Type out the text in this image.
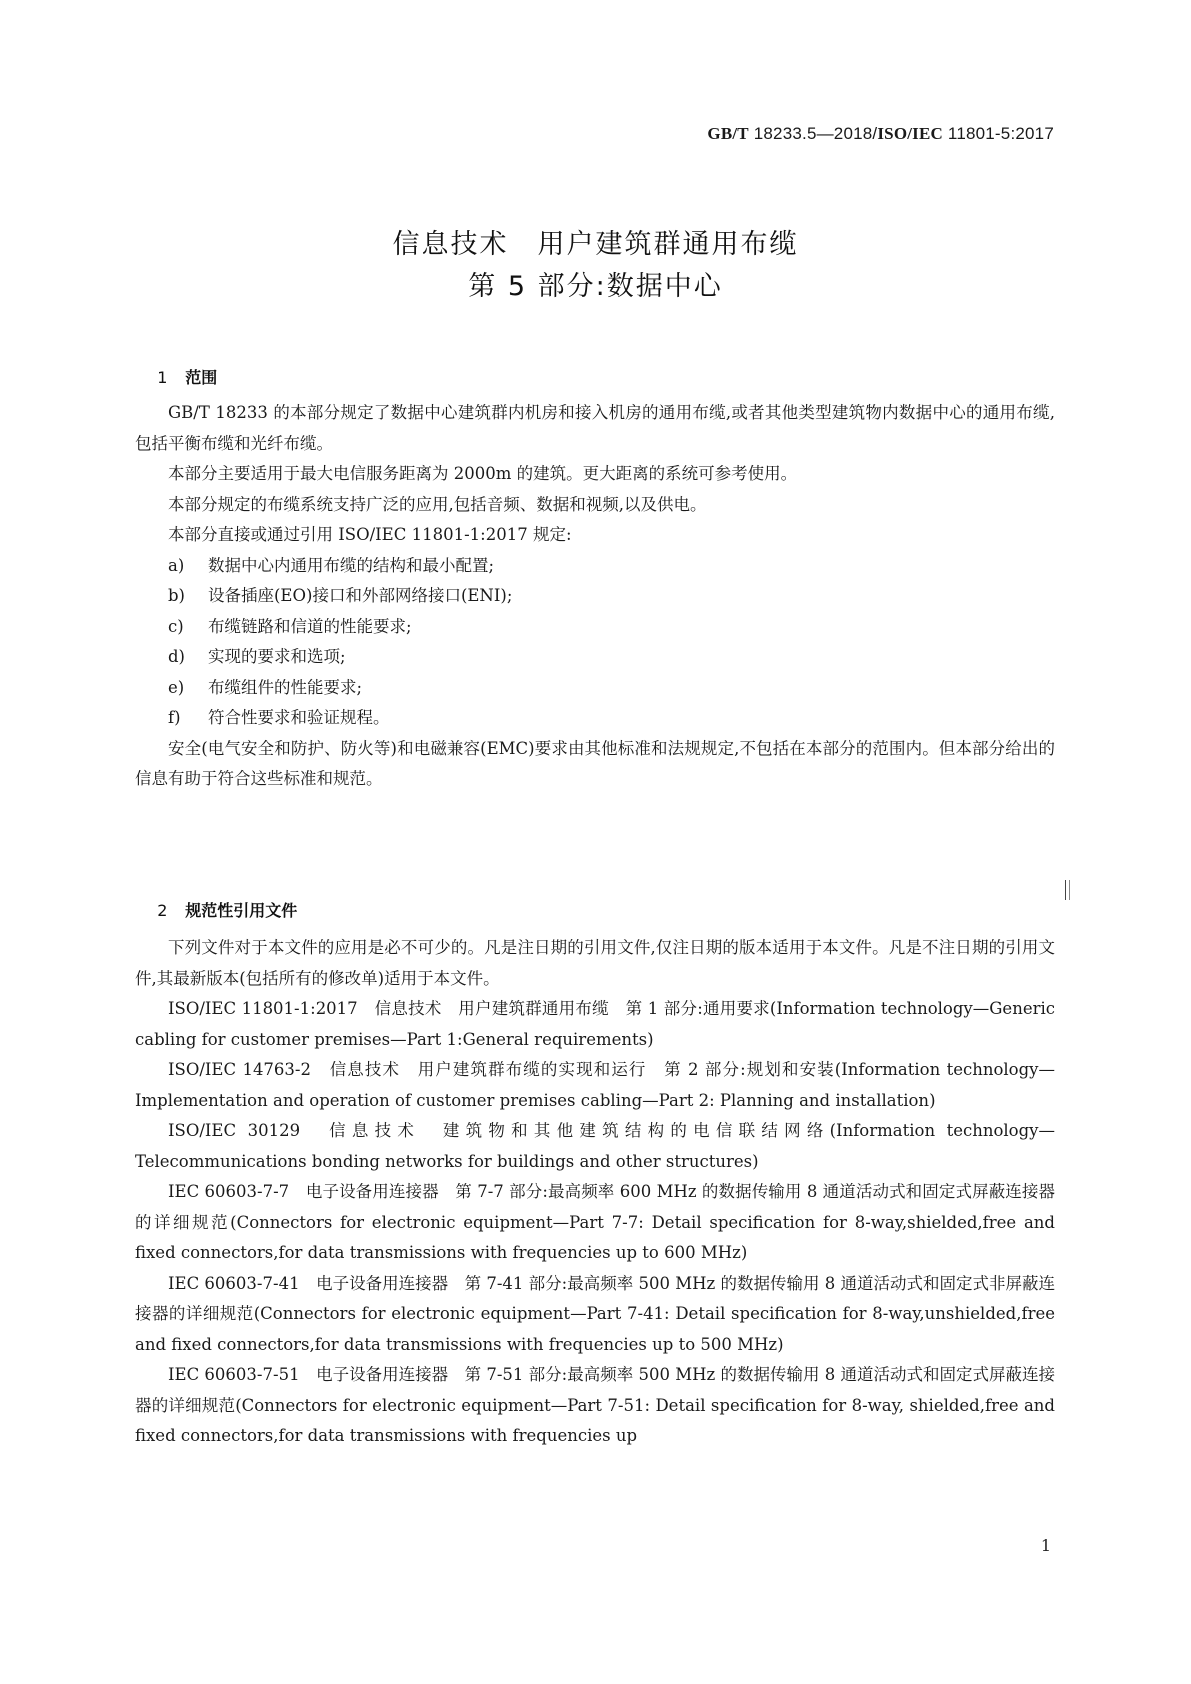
GB/T 18233.5—2018/ISO/IEC 11801-5:2017
信息技术　用户建筑群通用布缆
第 5 部分:数据中心

1 范围

GB/T 18233 的本部分规定了数据中心建筑群内机房和接入机房的通用布缆,或者其他类型建筑物内数据中心的通用布缆,包括平衡布缆和光纤布缆。

本部分主要适用于最大电信服务距离为 2000m 的建筑。更大距离的系统可参考使用。

本部分规定的布缆系统支持广泛的应用,包括音频、数据和视频,以及供电。

本部分直接或通过引用 ISO/IEC 11801-1:2017 规定:

a) 数据中心内通用布缆的结构和最小配置;

b) 设备插座(EO)接口和外部网络接口(ENI);

c) 布缆链路和信道的性能要求;

d) 实现的要求和选项;

e) 布缆组件的性能要求;

f) 符合性要求和验证规程。

安全(电气安全和防护、防火等)和电磁兼容(EMC)要求由其他标准和法规规定,不包括在本部分的范围内。但本部分给出的信息有助于符合这些标准和规范。

2 规范性引用文件

下列文件对于本文件的应用是必不可少的。凡是注日期的引用文件,仅注日期的版本适用于本文件。凡是不注日期的引用文件,其最新版本(包括所有的修改单)适用于本文件。

ISO/IEC 11801-1:2017　信息技术　用户建筑群通用布缆　第 1 部分:通用要求(Information technology—Generic cabling for customer premises—Part 1:General requirements)

ISO/IEC 14763-2　信息技术　用户建筑群布缆的实现和运行　第 2 部分:规划和安装(Information technology—Implementation and operation of customer premises cabling—Part 2: Planning and installation)

ISO/IEC 30129　信息技术　建筑物和其他建筑结构的电信联结网络(Information technology—Telecommunications bonding networks for buildings and other structures)

IEC 60603-7-7　电子设备用连接器　第 7-7 部分:最高频率 600 MHz 的数据传输用 8 通道活动式和固定式屏蔽连接器的详细规范(Connectors for electronic equipment—Part 7-7: Detail specification for 8-way,shielded,free and fixed connectors,for data transmissions with frequencies up to 600 MHz)

IEC 60603-7-41　电子设备用连接器　第 7-41 部分:最高频率 500 MHz 的数据传输用 8 通道活动式和固定式非屏蔽连接器的详细规范(Connectors for electronic equipment—Part 7-41: Detail specification for 8-way,unshielded,free and fixed connectors,for data transmissions with frequencies up to 500 MHz)

IEC 60603-7-51　电子设备用连接器　第 7-51 部分:最高频率 500 MHz 的数据传输用 8 通道活动式和固定式屏蔽连接器的详细规范(Connectors for electronic equipment—Part 7-51: Detail specification for 8-way, shielded,free and fixed connectors,for data transmissions with frequencies up

1
